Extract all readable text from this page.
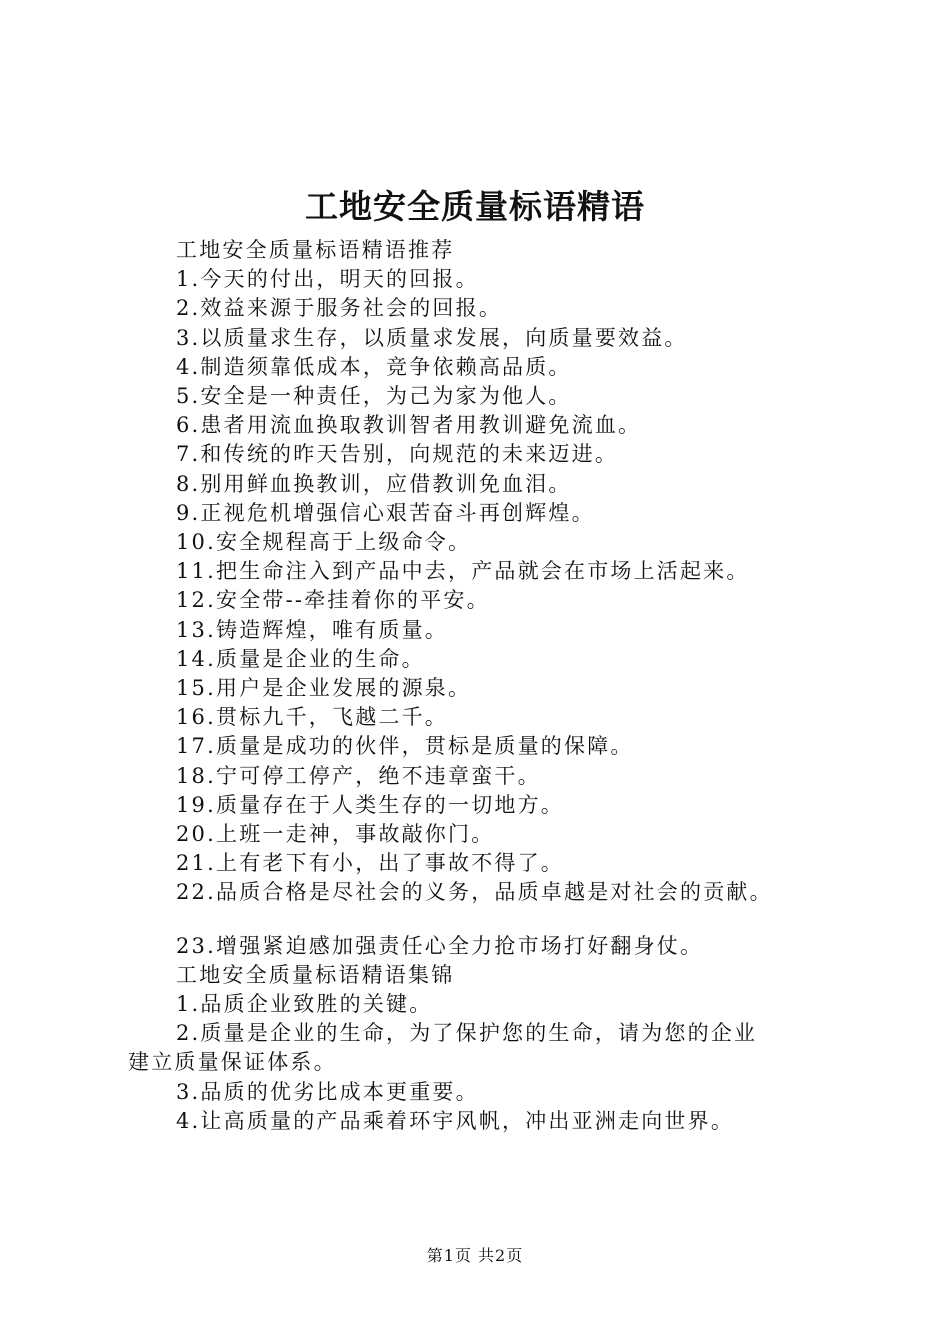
工地安全质量标语精语
工地安全质量标语精语推荐
1.今天的付出，明天的回报。
2.效益来源于服务社会的回报。
3.以质量求生存，以质量求发展，向质量要效益。
4.制造须靠低成本，竞争依赖高品质。
5.安全是一种责任，为己为家为他人。
6.患者用流血换取教训智者用教训避免流血。
7.和传统的昨天告别，向规范的未来迈进。
8.别用鲜血换教训，应借教训免血泪。
9.正视危机增强信心艰苦奋斗再创辉煌。
10.安全规程高于上级命令。
11.把生命注入到产品中去，产品就会在市场上活起来。
12.安全带--牵挂着你的平安。
13.铸造辉煌，唯有质量。
14.质量是企业的生命。
15.用户是企业发展的源泉。
16.贯标九千，飞越二千。
17.质量是成功的伙伴，贯标是质量的保障。
18.宁可停工停产，绝不违章蛮干。
19.质量存在于人类生存的一切地方。
20.上班一走神，事故敲你门。
21.上有老下有小，出了事故不得了。
22.品质合格是尽社会的义务，品质卓越是对社会的贡献。
23.增强紧迫感加强责任心全力抢市场打好翻身仗。
工地安全质量标语精语集锦
1.品质企业致胜的关键。
2.质量是企业的生命，为了保护您的生命，请为您的企业
建立质量保证体系。
3.品质的优劣比成本更重要。
4.让高质量的产品乘着环宇风帆，冲出亚洲走向世界。
第1页 共2页
